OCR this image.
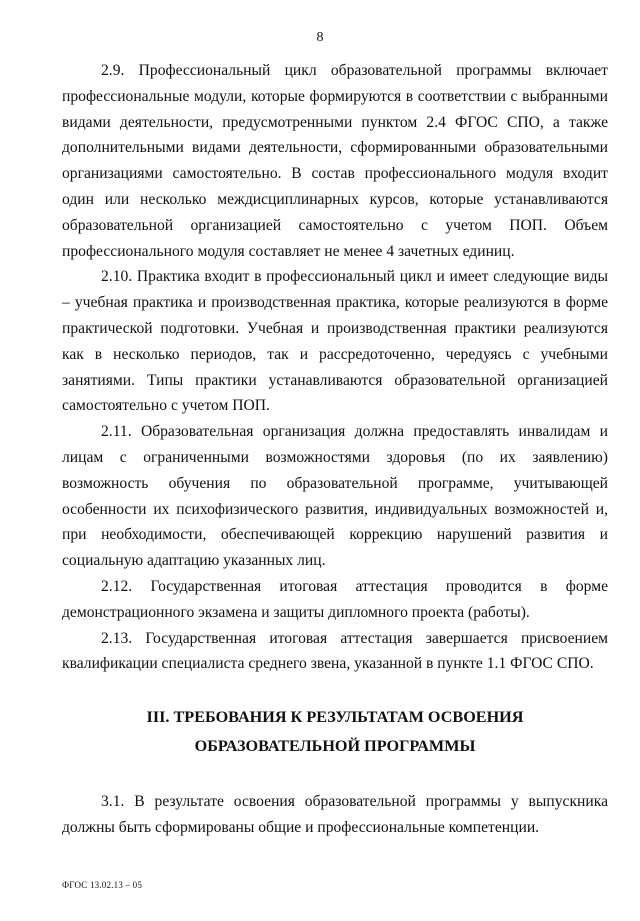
8

2.9. Профессиональный цикл образовательной программы включает профессиональные модули, которые формируются в соответствии с выбранными видами деятельности, предусмотренными пунктом 2.4 ФГОС СПО, а также дополнительными видами деятельности, сформированными образовательными организациями самостоятельно. В состав профессионального модуля входит один или несколько междисциплинарных курсов, которые устанавливаются образовательной организацией самостоятельно с учетом ПОП. Объем профессионального модуля составляет не менее 4 зачетных единиц.

2.10. Практика входит в профессиональный цикл и имеет следующие виды – учебная практика и производственная практика, которые реализуются в форме практической подготовки. Учебная и производственная практики реализуются как в несколько периодов, так и рассредоточенно, чередуясь с учебными занятиями. Типы практики устанавливаются образовательной организацией самостоятельно с учетом ПОП.

2.11. Образовательная организация должна предоставлять инвалидам и лицам с ограниченными возможностями здоровья (по их заявлению) возможность обучения по образовательной программе, учитывающей особенности их психофизического развития, индивидуальных возможностей и, при необходимости, обеспечивающей коррекцию нарушений развития и социальную адаптацию указанных лиц.

2.12. Государственная итоговая аттестация проводится в форме демонстрационного экзамена и защиты дипломного проекта (работы).

2.13. Государственная итоговая аттестация завершается присвоением квалификации специалиста среднего звена, указанной в пункте 1.1 ФГОС СПО.

III. ТРЕБОВАНИЯ К РЕЗУЛЬТАТАМ ОСВОЕНИЯ ОБРАЗОВАТЕЛЬНОЙ ПРОГРАММЫ

3.1. В результате освоения образовательной программы у выпускника должны быть сформированы общие и профессиональные компетенции.

ФГОС 13.02.13 – 05
